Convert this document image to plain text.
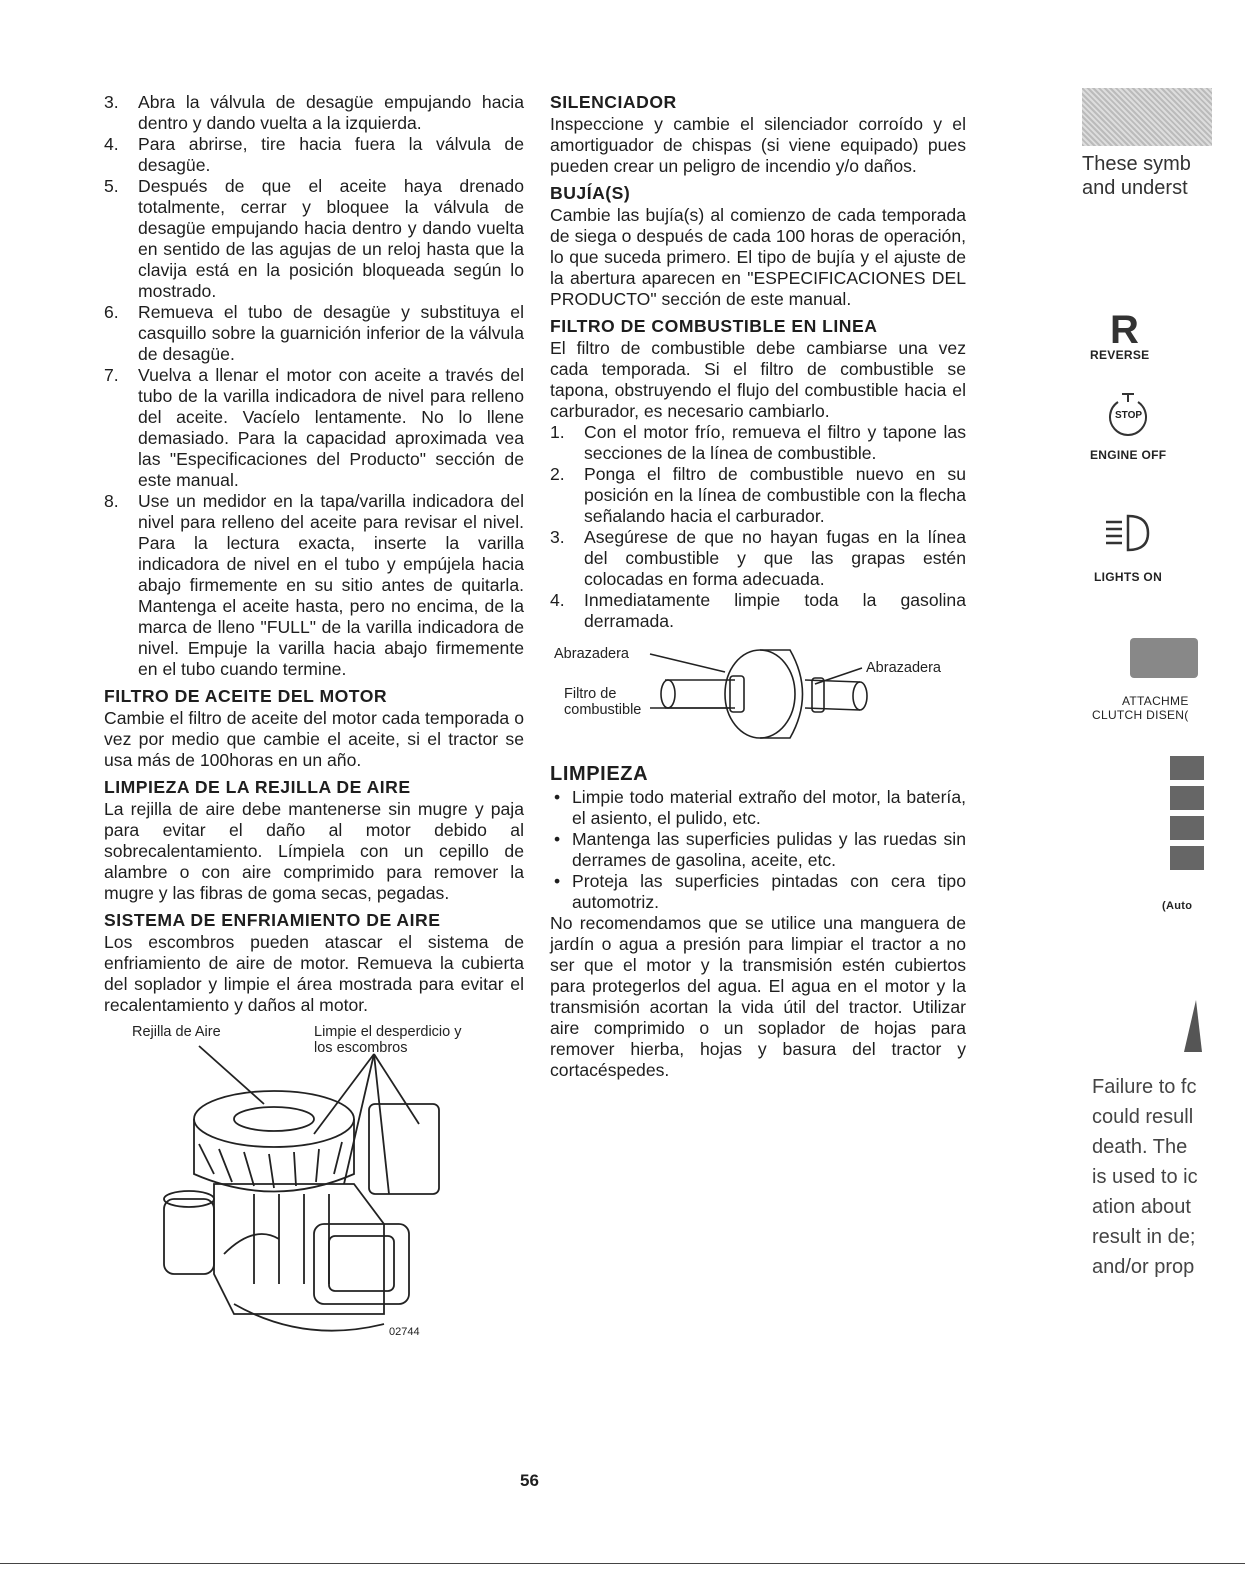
3. Abra la válvula de desagüe empujando hacia dentro y dando vuelta a la izquierda.
4. Para abrirse, tire hacia fuera la válvula de desagüe.
5. Después de que el aceite haya drenado totalmente, cerrar y bloquee la válvula de desagüe empujando hacia dentro y dando vuelta en sentido de las agujas de un reloj hasta que la clavija está en la posición bloqueada según lo mostrado.
6. Remueva el tubo de desagüe y substituya el casquillo sobre la guarnición inferior de la válvula de desagüe.
7. Vuelva a llenar el motor con aceite a través del tubo de la varilla indicadora de nivel para relleno del aceite. Vacíelo lentamente. No lo llene demasiado. Para la capacidad aproximada vea las "Especificaciones del Producto" sección de este manual.
8. Use un medidor en la tapa/varilla indicadora del nivel para relleno del aceite para revisar el nivel. Para la lectura exacta, inserte la varilla indicadora de nivel en el tubo y empújela hacia abajo firmemente en su sitio antes de quitarla. Mantenga el aceite hasta, pero no encima, de la marca de lleno "FULL" de la varilla indicadora de nivel. Empuje la varilla hacia abajo firmemente en el tubo cuando termine.
FILTRO DE ACEITE DEL MOTOR

Cambie el filtro de aceite del motor cada temporada o vez por medio que cambie el aceite, si el tractor se usa más de 100horas en un año.

LIMPIEZA DE LA REJILLA DE AIRE

La rejilla de aire debe mantenerse sin mugre y paja para evitar el daño al motor debido al sobrecalentamiento. Límpiela con un cepillo de alambre o con aire comprimido para remover la mugre y las fibras de goma secas, pegadas.

SISTEMA DE ENFRIAMIENTO DE AIRE

Los escombros pueden atascar el sistema de enfriamiento de aire de motor. Remueva la cubierta del soplador y limpie el área mostrada para evitar el recalentamiento y daños al motor.

Rejilla de Aire	Limpie el desperdicio y
los escombros
02744
SILENCIADOR

Inspeccione y cambie el silenciador corroído y el amortiguador de chispas (si viene equipado) pues pueden crear un peligro de incendio y/o daños.

BUJÍA(S)

Cambie las bujía(s) al comienzo de cada temporada de siega o después de cada 100 horas de operación, lo que suceda primero. El tipo de bujía y el ajuste de la abertura aparecen en "ESPECIFICACIONES DEL PRODUCTO" sección de este manual.

FILTRO DE COMBUSTIBLE EN LINEA

El filtro de combustible debe cambiarse una vez cada temporada. Si el filtro de combustible se tapona, obstruyendo el flujo del combustible hacia el carburador, es necesario cambiarlo.

1. Con el motor frío, remueva el filtro y tapone las secciones de la línea de combustible.
2. Ponga el filtro de combustible nuevo en su posición en la línea de combustible con la flecha señalando hacia el carburador.
3. Asegúrese de que no hayan fugas en la línea del combustible y que las grapas estén colocadas en forma adecuada.
4. Inmediatamente limpie toda la gasolina derramada.
Abrazadera
Abrazadera
Filtro de
combustible
LIMPIEZA
• Limpie todo material extraño del motor, la batería, el asiento, el pulido, etc.
• Mantenga las superficies pulidas y las ruedas sin derrames de gasolina, aceite, etc.
• Proteja las superficies pintadas con cera tipo automotriz.

No recomendamos que se utilice una manguera de jardín o agua a presión para limpiar el tractor a no ser que el motor y la transmisión estén cubiertos para protegerlos del agua. El agua en el motor y la transmisión acortan la vida útil del tractor. Utilizar aire comprimido o un soplador de hojas para remover hierba, hojas y basura del tractor y cortacéspedes.

56
These symb
and underst
R
REVERSE
STOP
ENGINE OFF
LIGHTS ON
ATTACHME
CLUTCH DISEN(
(Auto
Failure to fc
could resull
death. The
is used to ic
ation about
result in de;
and/or prop
